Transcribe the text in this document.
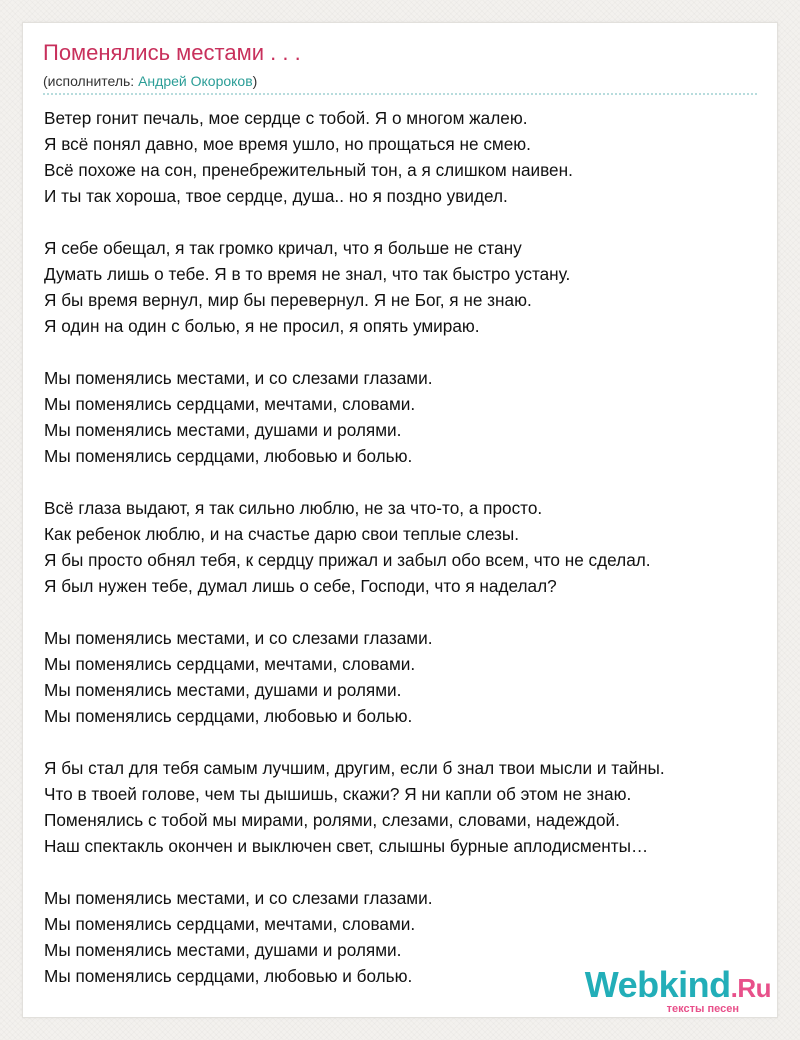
Поменялись местами . . .
(исполнитель: Андрей Окороков)
Ветер гонит печаль, мое сердце с тобой. Я о многом жалею.
Я всё понял давно, мое время ушло, но прощаться не смею.
Всё похоже на сон, пренебрежительный тон, а я слишком наивен.
И ты так хороша, твое сердце, душа.. но я поздно увидел.
Я себе обещал, я так громко кричал, что я больше не стану
Думать лишь о тебе. Я в то время не знал, что так быстро устану.
Я бы время вернул, мир бы перевернул. Я не Бог, я не знаю.
Я один на один с болью, я не просил, я опять умираю.
Мы поменялись местами, и со слезами глазами.
Мы поменялись сердцами, мечтами, словами.
Мы поменялись местами, душами и ролями.
Мы поменялись сердцами, любовью и болью.
Всё глаза выдают, я так сильно люблю, не за что-то, а просто.
Как ребенок люблю, и на счастье дарю свои теплые слезы.
Я бы просто обнял тебя, к сердцу прижал и забыл обо всем, что не сделал.
Я был нужен тебе, думал лишь о себе, Господи, что я наделал?
Мы поменялись местами, и со слезами глазами.
Мы поменялись сердцами, мечтами, словами.
Мы поменялись местами, душами и ролями.
Мы поменялись сердцами, любовью и болью.
Я бы стал для тебя самым лучшим, другим, если б знал твои мысли и тайны.
Что в твоей голове, чем ты дышишь, скажи? Я ни капли об этом не знаю.
Поменялись с тобой мы мирами, ролями, слезами, словами, надеждой.
Наш спектакль окончен и выключен свет, слышны бурные аплодисменты…
Мы поменялись местами, и со слезами глазами.
Мы поменялись сердцами, мечтами, словами.
Мы поменялись местами, душами и ролями.
Мы поменялись сердцами, любовью и болью.	Webkind.Ru
тексты песен
